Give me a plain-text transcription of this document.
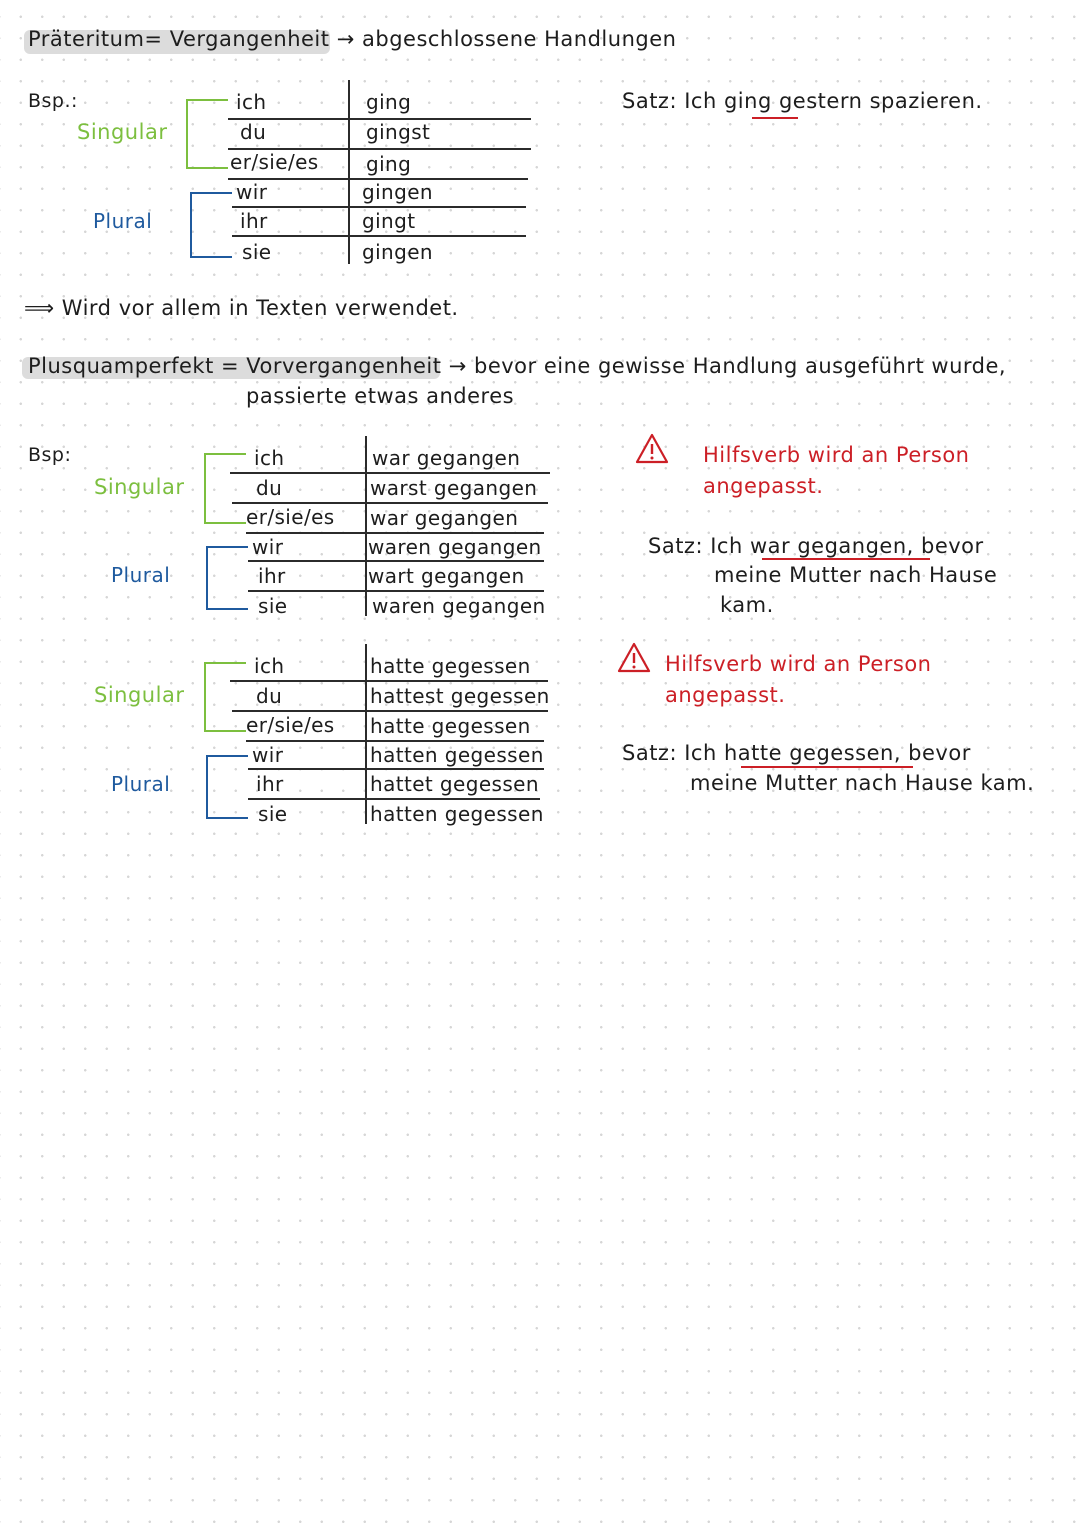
Präteritum= Vergangenheit → abgeschlossene Handlungen
Bsp.:
Singular
Plural
ich
du
er/sie/es
wir
ihr
sie
ging
gingst
ging
gingen
gingt
gingen
Satz: Ich ging gestern spazieren.
⟹ Wird vor allem in Texten verwendet.
Plusquamperfekt = Vorvergangenheit → bevor eine gewisse Handlung ausgeführt wurde,
passierte etwas anderes
Bsp:
Singular
Plural
ich
du
er/sie/es
wir
ihr
sie
war gegangen
warst gegangen
war gegangen
waren gegangen
wart gegangen
waren gegangen
Hilfsverb wird an Person
angepasst.
Satz: Ich war gegangen, bevor
meine Mutter nach Hause
kam.
Singular
Plural
ich
du
er/sie/es
wir
ihr
sie
hatte gegessen
hattest gegessen
hatte gegessen
hatten gegessen
hattet gegessen
hatten gegessen
Hilfsverb wird an Person
angepasst.
Satz: Ich hatte gegessen, bevor
meine Mutter nach Hause kam.
